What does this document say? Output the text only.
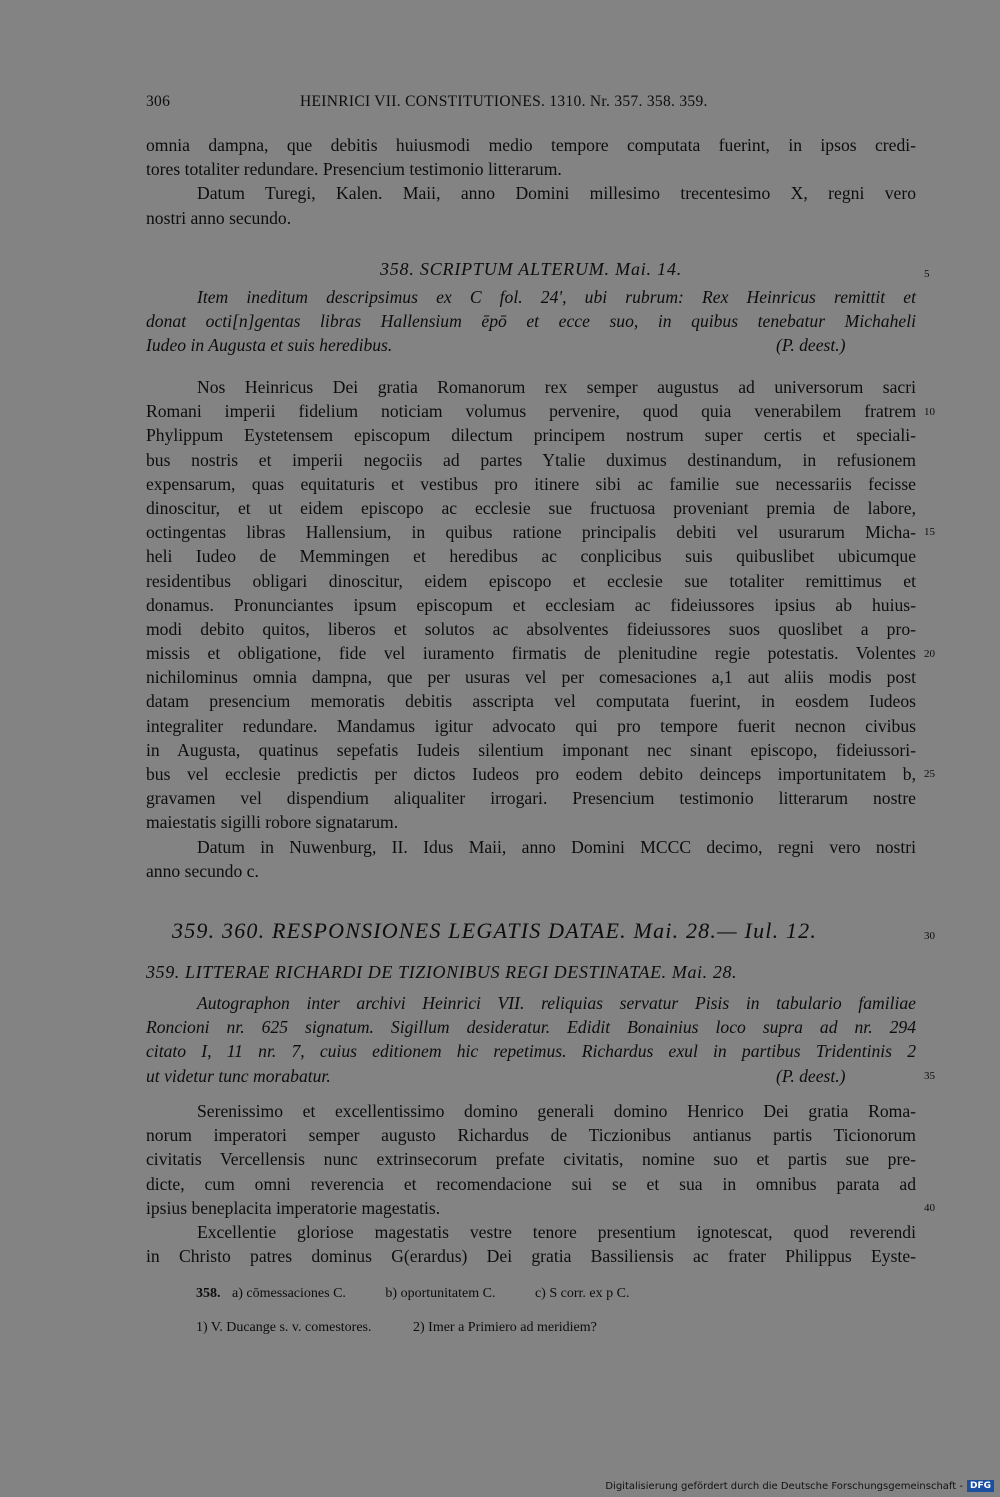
306	HEINRICI VII. CONSTITUTIONES. 1310. Nr. 357. 358. 359.
omnia dampna, que debitis huiusmodi medio tempore computata fuerint, in ipsos credi-
tores totaliter redundare. Presencium testimonio litterarum.
Datum Turegi, Kalen. Maii, anno Domini millesimo trecentesimo X, regni vero
nostri anno secundo.
358. SCRIPTUM ALTERUM. Mai. 14.
Item ineditum descripsimus ex C fol. 24', ubi rubrum: Rex Heinricus remittit et
donat octi[n]gentas libras Hallensium ēpō et ecce suo, in quibus tenebatur Michaheli
Iudeo in Augusta et suis heredibus.	(P. deest.)
Nos Heinricus Dei gratia Romanorum rex semper augustus ad universorum sacri
Romani imperii fidelium noticiam volumus pervenire, quod quia venerabilem fratrem
Phylippum Eystetensem episcopum dilectum principem nostrum super certis et speciali-
bus nostris et imperii negociis ad partes Ytalie duximus destinandum, in refusionem
expensarum, quas equitaturis et vestibus pro itinere sibi ac familie sue necessariis fecisse
dinoscitur, et ut eidem episcopo ac ecclesie sue fructuosa proveniant premia de labore,
octingentas libras Hallensium, in quibus ratione principalis debiti vel usurarum Micha-
heli Iudeo de Memmingen et heredibus ac conplicibus suis quibuslibet ubicumque
residentibus obligari dinoscitur, eidem episcopo et ecclesie sue totaliter remittimus et
donamus. Pronunciantes ipsum episcopum et ecclesiam ac fideiussores ipsius ab huius-
modi debito quitos, liberos et solutos ac absolventes fideiussores suos quoslibet a pro-
missis et obligatione, fide vel iuramento firmatis de plenitudine regie potestatis. Volentes
nichilominus omnia dampna, que per usuras vel per comesaciones a,1 aut aliis modis post
datam presencium memoratis debitis asscripta vel computata fuerint, in eosdem Iudeos
integraliter redundare. Mandamus igitur advocato qui pro tempore fuerit necnon civibus
in Augusta, quatinus sepefatis Iudeis silentium imponant nec sinant episcopo, fideiussori-
bus vel ecclesie predictis per dictos Iudeos pro eodem debito deinceps importunitatem b,
gravamen vel dispendium aliqualiter irrogari. Presencium testimonio litterarum nostre
maiestatis sigilli robore signatarum.
Datum in Nuwenburg, II. Idus Maii, anno Domini MCCC decimo, regni vero nostri
anno secundo c.
359. 360. RESPONSIONES LEGATIS DATAE. Mai. 28.— Iul. 12.
359. LITTERAE RICHARDI DE TIZIONIBUS REGI DESTINATAE. Mai. 28.
Autographon inter archivi Heinrici VII. reliquias servatur Pisis in tabulario familiae
Roncioni nr. 625 signatum. Sigillum desideratur. Edidit Bonainius loco supra ad nr. 294
citato I, 11 nr. 7, cuius editionem hic repetimus. Richardus exul in partibus Tridentinis 2
ut videtur tunc morabatur.	(P. deest.)
Serenissimo et excellentissimo domino generali domino Henrico Dei gratia Roma-
norum imperatori semper augusto Richardus de Ticzionibus antianus partis Ticionorum
civitatis Vercellensis nunc extrinsecorum prefate civitatis, nomine suo et partis sue pre-
dicte, cum omni reverencia et recomendacione sui se et sua in omnibus parata ad
ipsius beneplacita imperatorie magestatis.
Excellentie gloriose magestatis vestre tenore presentium ignotescat, quod reverendi
in Christo patres dominus G(erardus) Dei gratia Bassiliensis ac frater Philippus Eyste-
5
10
15
20
25
30
35
40
358. a) cōmessaciones C.	b) oportunitatem C.	c) S corr. ex p C.
1) V. Ducange s. v. comestores.	2) Imer a Primiero ad meridiem?
Digitalisierung gefördert durch die Deutsche Forschungsgemeinschaft - DFG
